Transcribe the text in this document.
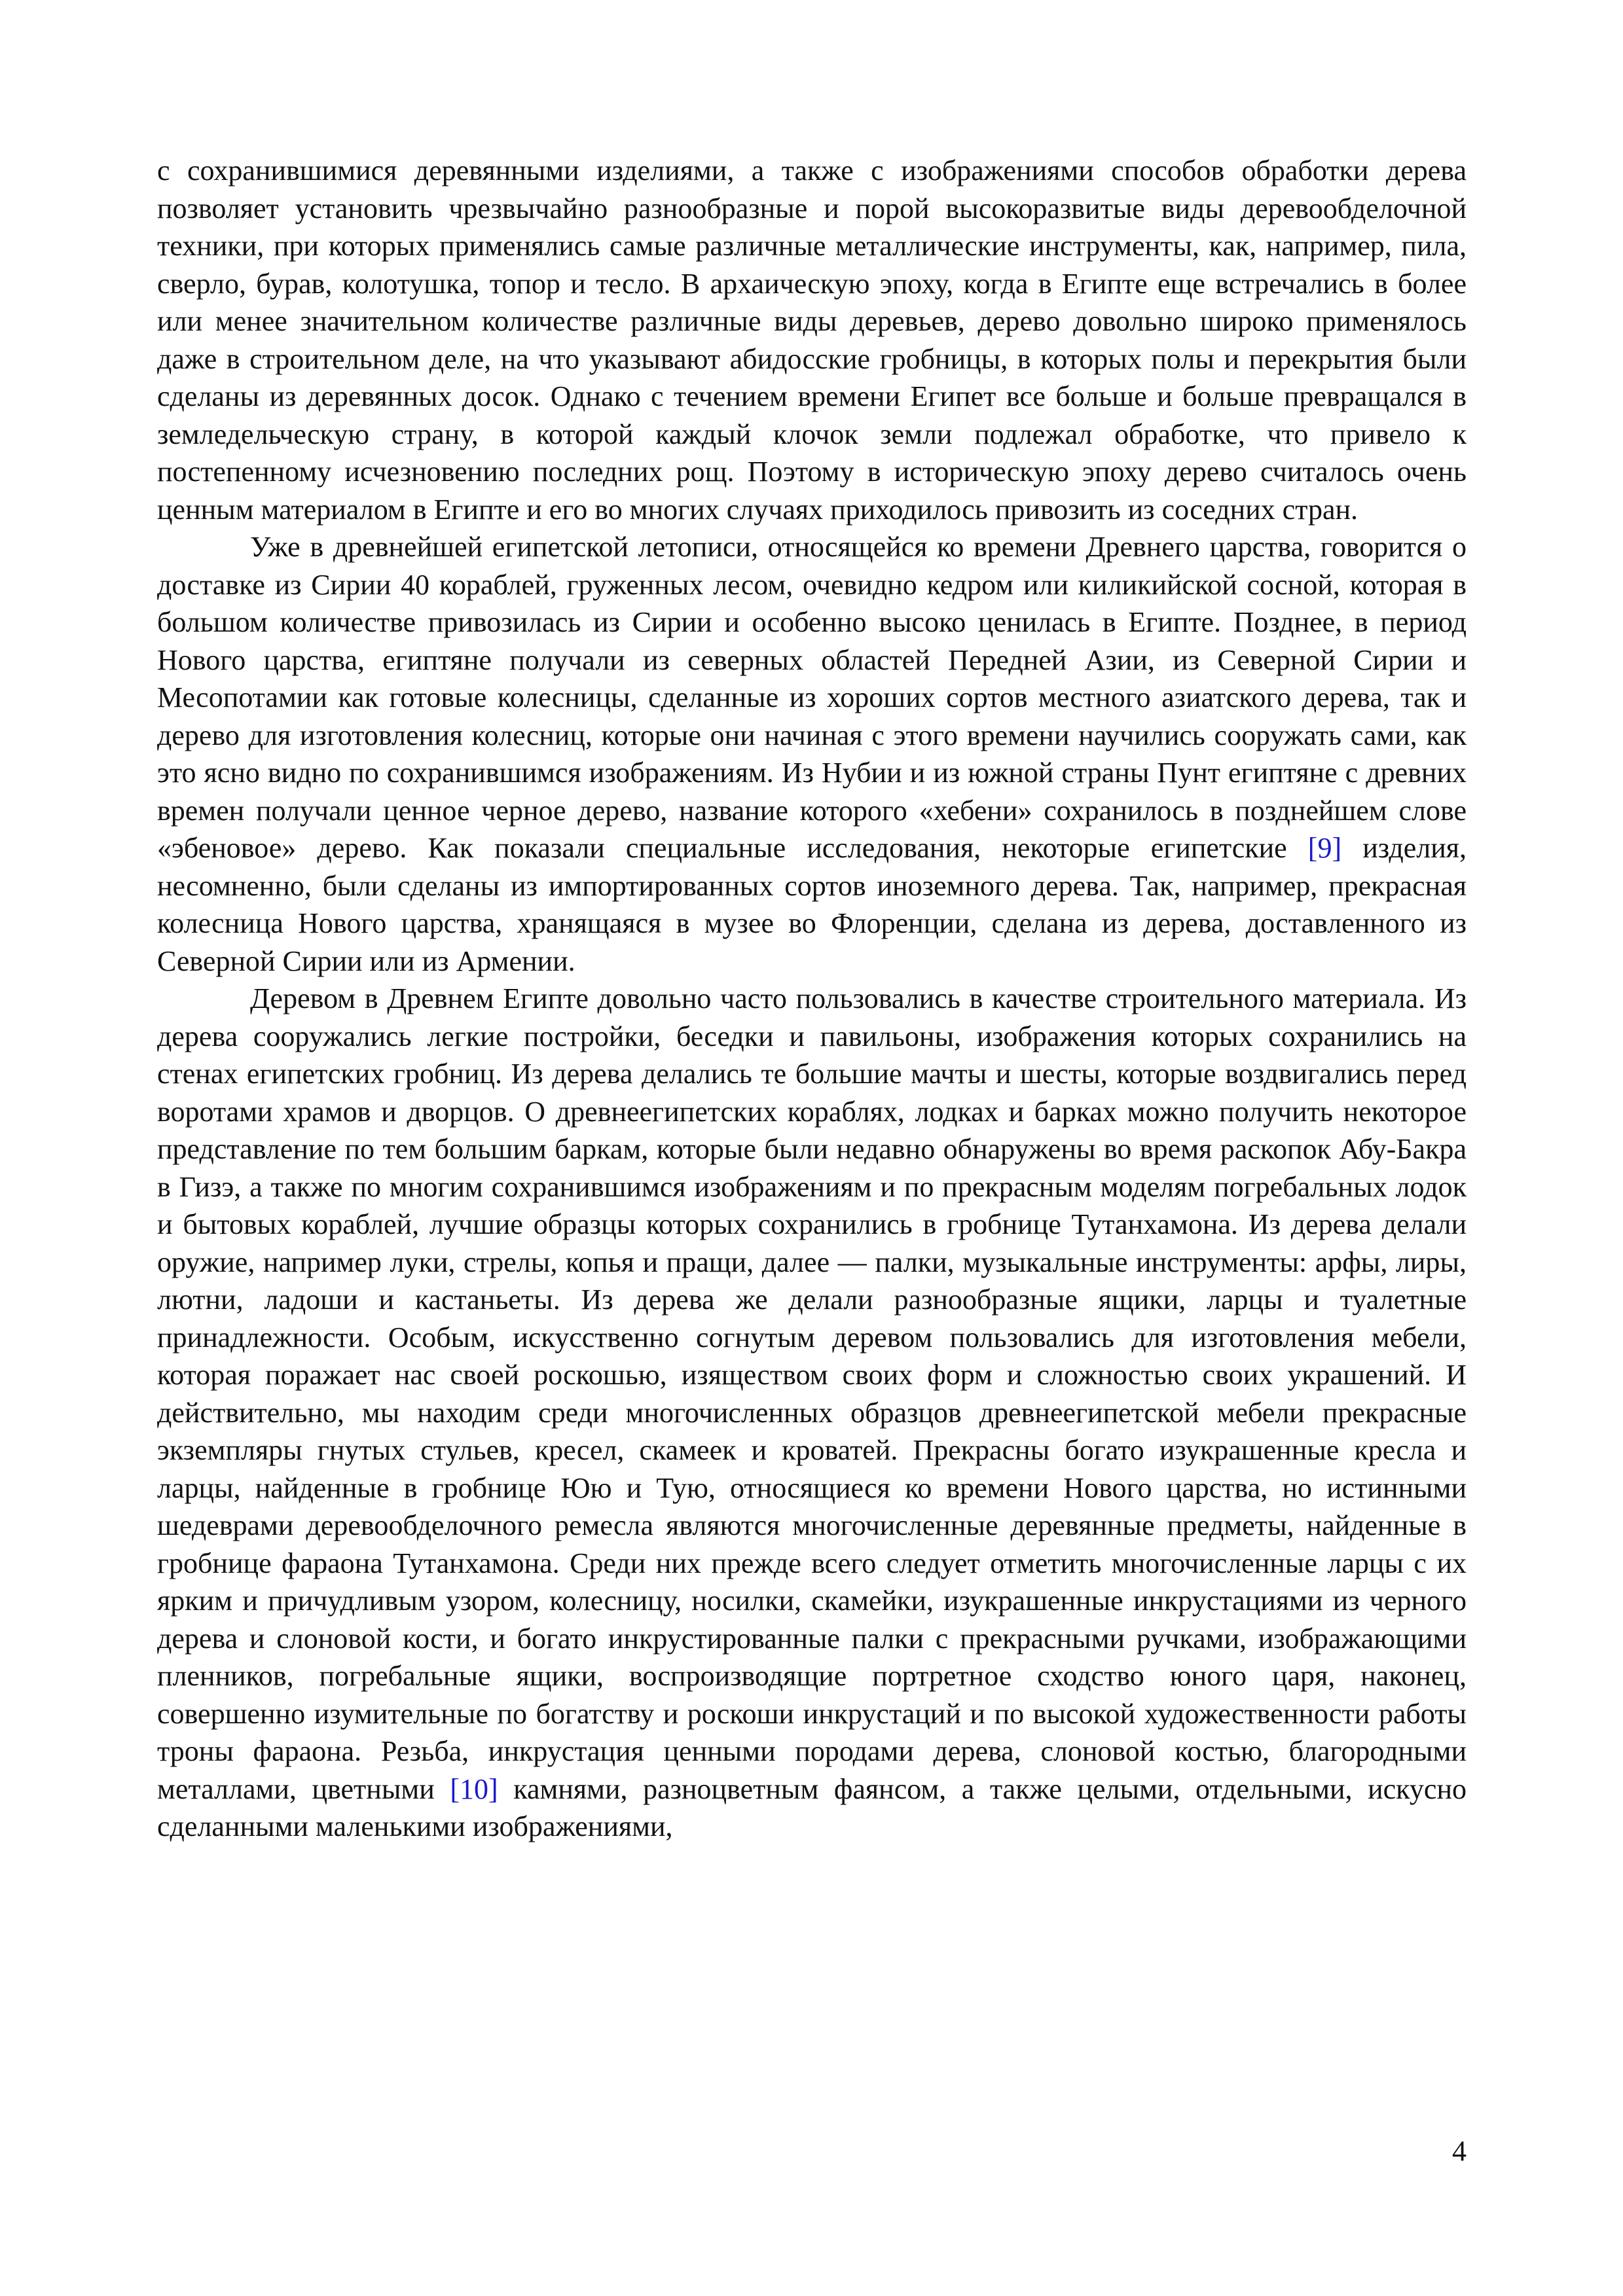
с сохранившимися деревянными изделиями, а также с изображениями способов обработки дерева позволяет установить чрезвычайно разнообразные и порой высокоразвитые виды деревообделочной техники, при которых применялись самые различные металлические инструменты, как, например, пила, сверло, бурав, колотушка, топор и тесло. В архаическую эпоху, когда в Египте еще встречались в более или менее значительном количестве различные виды деревьев, дерево довольно широко применялось даже в строительном деле, на что указывают абидосские гробницы, в которых полы и перекрытия были сделаны из деревянных досок. Однако с течением времени Египет все больше и больше превращался в земледельческую страну, в которой каждый клочок земли подлежал обработке, что привело к постепенному исчезновению последних рощ. Поэтому в историческую эпоху дерево считалось очень ценным материалом в Египте и его во многих случаях приходилось привозить из соседних стран.

Уже в древнейшей египетской летописи, относящейся ко времени Древнего царства, говорится о доставке из Сирии 40 кораблей, груженных лесом, очевидно кедром или киликийской сосной, которая в большом количестве привозилась из Сирии и особенно высоко ценилась в Египте. Позднее, в период Нового царства, египтяне получали из северных областей Передней Азии, из Северной Сирии и Месопотамии как готовые колесницы, сделанные из хороших сортов местного азиатского дерева, так и дерево для изготовления колесниц, которые они начиная с этого времени научились сооружать сами, как это ясно видно по сохранившимся изображениям. Из Нубии и из южной страны Пунт египтяне с древних времен получали ценное черное дерево, название которого «хебени» сохранилось в позднейшем слове «эбеновое» дерево. Как показали специальные исследования, некоторые египетские [9] изделия, несомненно, были сделаны из импортированных сортов иноземного дерева. Так, например, прекрасная колесница Нового царства, хранящаяся в музее во Флоренции, сделана из дерева, доставленного из Северной Сирии или из Армении.

Деревом в Древнем Египте довольно часто пользовались в качестве строительного материала. Из дерева сооружались легкие постройки, беседки и павильоны, изображения которых сохранились на стенах египетских гробниц. Из дерева делались те большие мачты и шесты, которые воздвигались перед воротами храмов и дворцов. О древнеегипетских кораблях, лодках и барках можно получить некоторое представление по тем большим баркам, которые были недавно обнаружены во время раскопок Абу-Бакра в Гизэ, а также по многим сохранившимся изображениям и по прекрасным моделям погребальных лодок и бытовых кораблей, лучшие образцы которых сохранились в гробнице Тутанхамона. Из дерева делали оружие, например луки, стрелы, копья и пращи, далее — палки, музыкальные инструменты: арфы, лиры, лютни, ладоши и кастаньеты. Из дерева же делали разнообразные ящики, ларцы и туалетные принадлежности. Особым, искусственно согнутым деревом пользовались для изготовления мебели, которая поражает нас своей роскошью, изяществом своих форм и сложностью своих украшений. И действительно, мы находим среди многочисленных образцов древнеегипетской мебели прекрасные экземпляры гнутых стульев, кресел, скамеек и кроватей. Прекрасны богато изукрашенные кресла и ларцы, найденные в гробнице Юю и Тую, относящиеся ко времени Нового царства, но истинными шедеврами деревообделочного ремесла являются многочисленные деревянные предметы, найденные в гробнице фараона Тутанхамона. Среди них прежде всего следует отметить многочисленные ларцы с их ярким и причудливым узором, колесницу, носилки, скамейки, изукрашенные инкрустациями из черного дерева и слоновой кости, и богато инкрустированные палки с прекрасными ручками, изображающими пленников, погребальные ящики, воспроизводящие портретное сходство юного царя, наконец, совершенно изумительные по богатству и роскоши инкрустаций и по высокой художественности работы троны фараона. Резьба, инкрустация ценными породами дерева, слоновой костью, благородными металлами, цветными [10] камнями, разноцветным фаянсом, а также целыми, отдельными, искусно сделанными маленькими изображениями,

4
